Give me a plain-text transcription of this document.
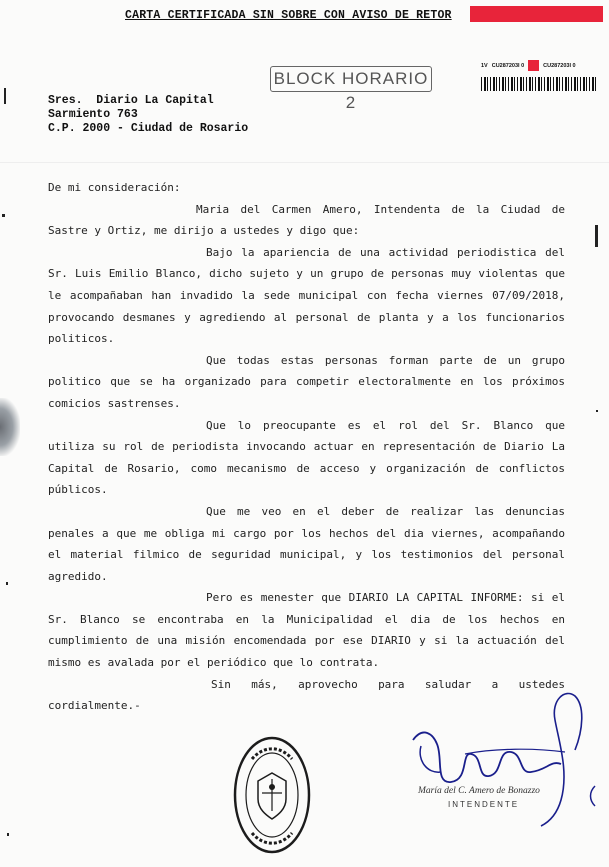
CARTA CERTIFICADA SIN SOBRE CON AVISO DE RETOR
BLOCK HORARIO 2
1V CU287203I 0	CU287203I 0
Sres.  Diario La Capital
Sarmiento 763
C.P. 2000 - Ciudad de Rosario

De mi consideración:

Maria del Carmen Amero, Intendenta de la Ciudad de Sastre y Ortiz, me dirijo a ustedes y digo que:

Bajo la apariencia de una actividad periodistica del Sr. Luis Emilio Blanco, dicho sujeto y un grupo de personas muy violentas que le acompañaban han invadido la sede municipal con fecha viernes 07/09/2018, provocando desmanes y agrediendo al personal de planta y a los funcionarios politicos.

Que todas estas personas forman parte de un grupo politico que se ha organizado para competir electoralmente en los próximos comicios sastrenses.

Que lo preocupante es el rol del Sr. Blanco que utiliza su rol de periodista invocando actuar en representación de Diario La Capital de Rosario, como mecanismo de acceso y organización de conflictos públicos.

Que me veo en el deber de realizar las denuncias penales a que me obliga mi cargo por los hechos del dia viernes, acompañando el material filmico de seguridad municipal, y los testimonios del personal agredido.

Pero es menester que DIARIO LA CAPITAL INFORME: si el Sr. Blanco se encontraba en la Municipalidad el dia de los hechos en cumplimiento de una misión encomendada por ese DIARIO y si la actuación del mismo es avalada por el periódico que lo contrata.

Sin más, aprovecho para saludar a ustedes cordialmente.-

María del C. Amero de Bonazzo
INTENDENTE
